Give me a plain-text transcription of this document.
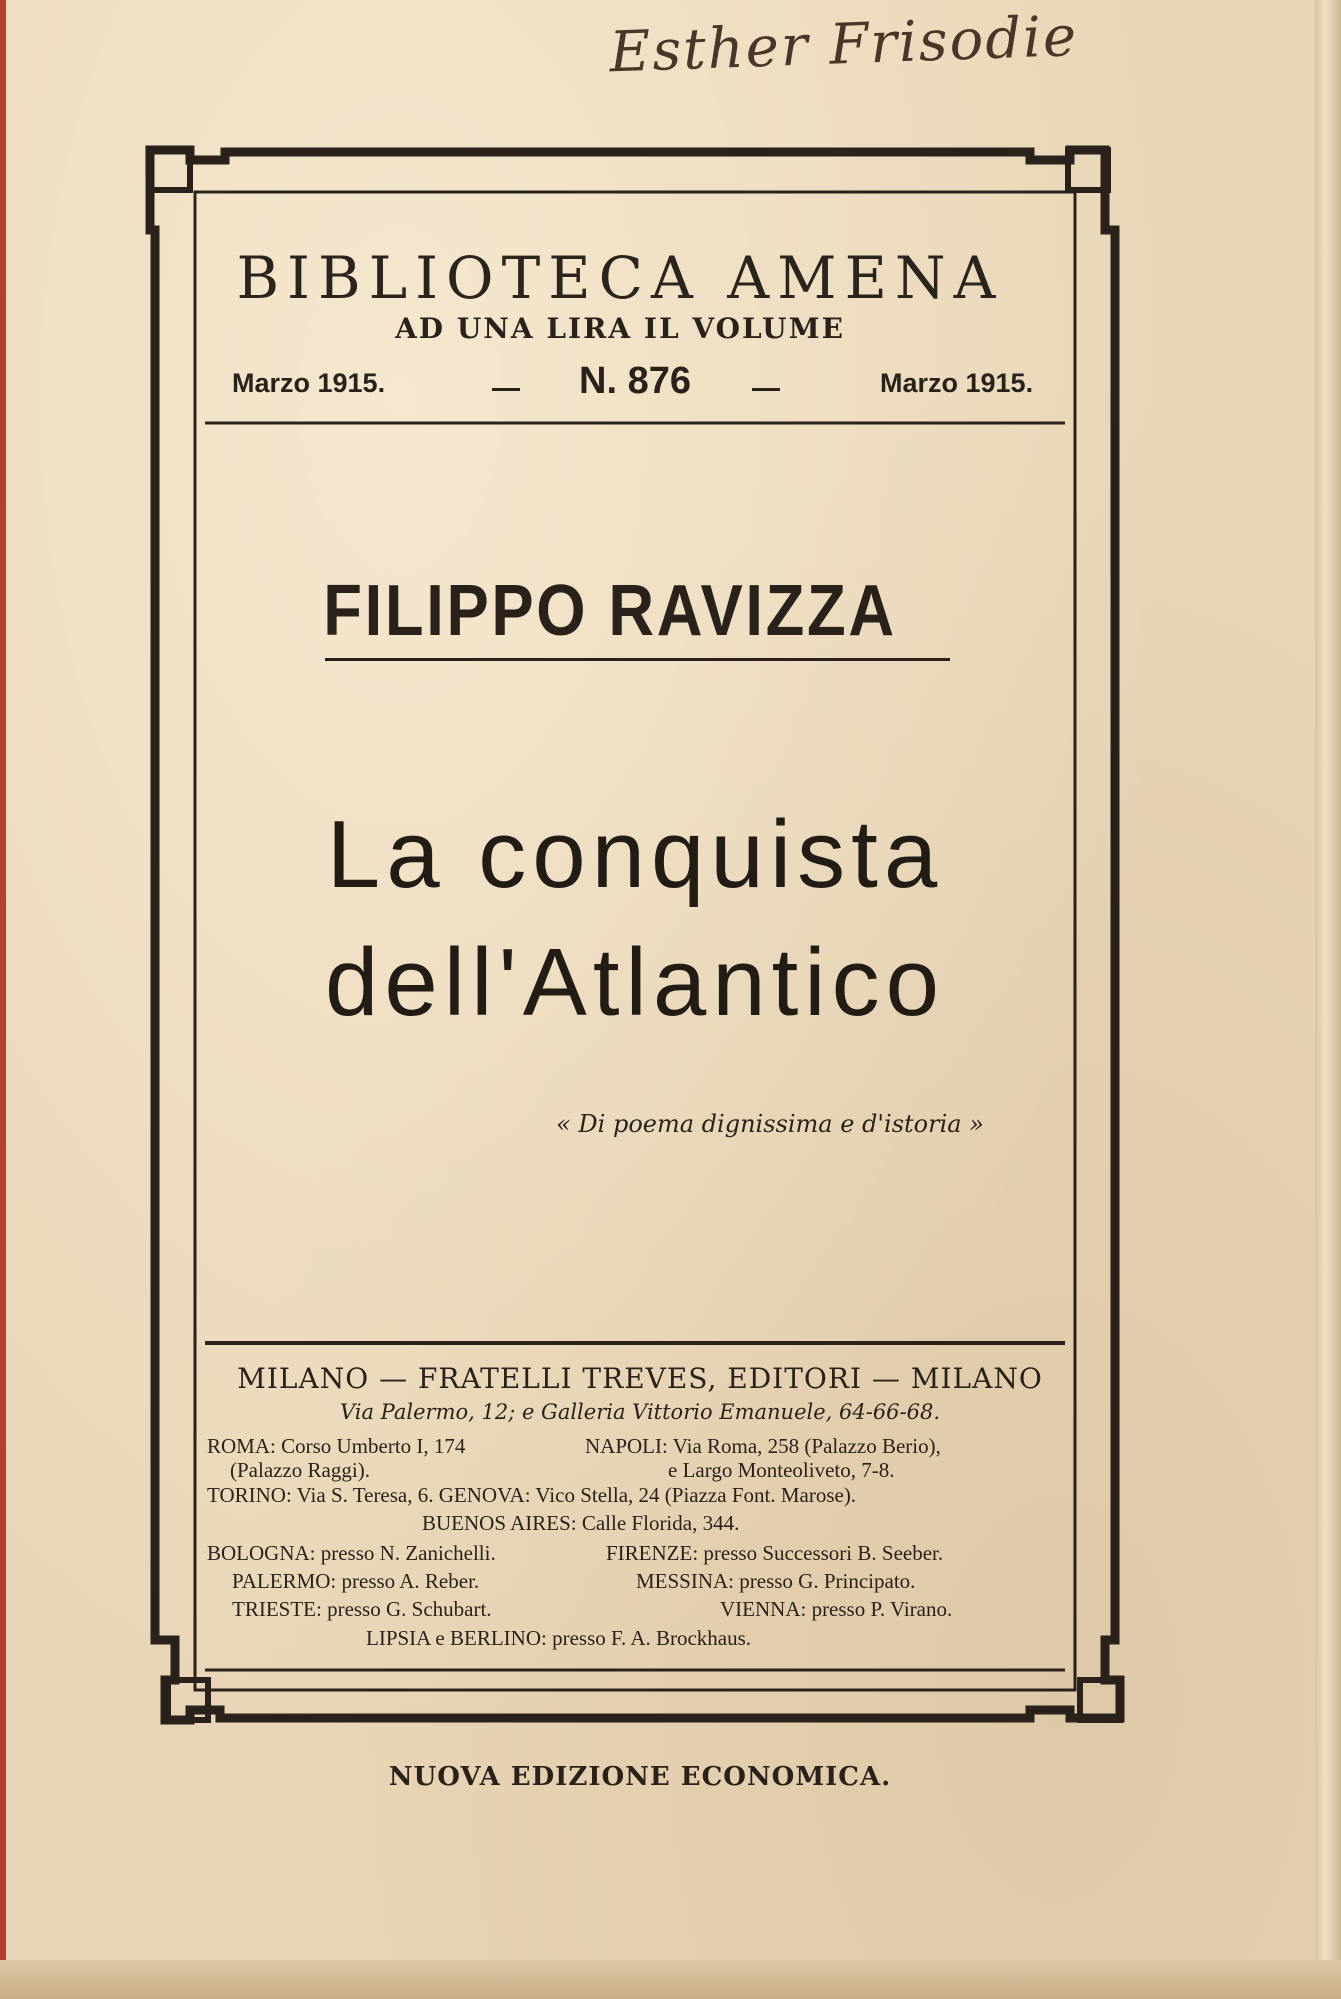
Esther Frisodie
BIBLIOTECA AMENA
AD UNA LIRA IL VOLUME
Marzo 1915.	N. 876	Marzo 1915.
FILIPPO RAVIZZA
La conquista
dell'Atlantico
« Di poema dignissima e d'istoria »
MILANO — FRATELLI TREVES, EDITORI — MILANO
Via Palermo, 12; e Galleria Vittorio Emanuele, 64-66-68.
ROMA: Corso Umberto I, 174
(Palazzo Raggi).
NAPOLI: Via Roma, 258 (Palazzo Berio),
e Largo Monteoliveto, 7-8.
TORINO: Via S. Teresa, 6. GENOVA: Vico Stella, 24 (Piazza Font. Marose).
BUENOS AIRES: Calle Florida, 344.
BOLOGNA: presso N. Zanichelli.	FIRENZE: presso Successori B. Seeber.
PALERMO: presso A. Reber.	MESSINA: presso G. Principato.
TRIESTE: presso G. Schubart.	VIENNA: presso P. Virano.
LIPSIA e BERLINO: presso F. A. Brockhaus.
NUOVA EDIZIONE ECONOMICA.
